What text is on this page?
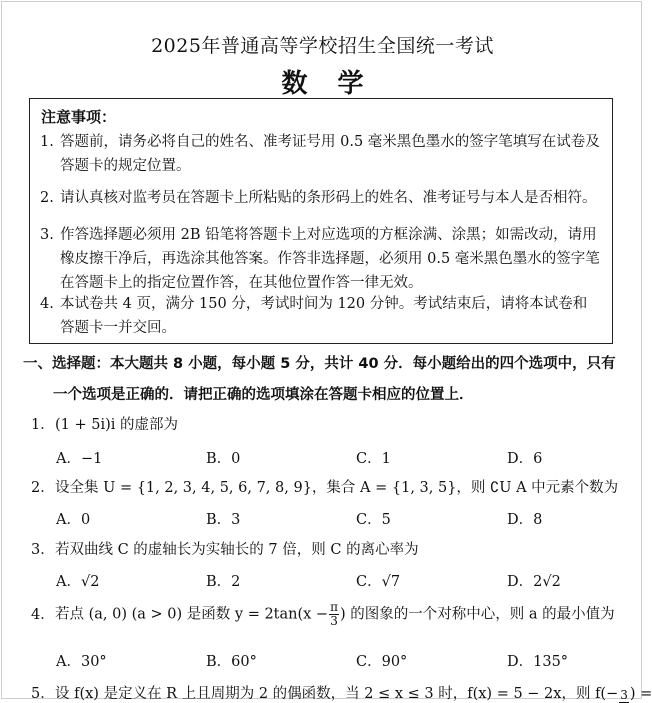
2025年普通高等学校招生全国统一考试
数学
注意事项：
1. 答题前，请务必将自己的姓名、准考证号用 0.5 毫米黑色墨水的签字笔填写在试卷及答题卡的规定位置。
2. 请认真核对监考员在答题卡上所粘贴的条形码上的姓名、准考证号与本人是否相符。
3. 作答选择题必须用 2B 铅笔将答题卡上对应选项的方框涂满、涂黑；如需改动，请用橡皮擦干净后，再选涂其他答案。作答非选择题，必须用 0.5 毫米黑色墨水的签字笔在答题卡上的指定位置作答，在其他位置作答一律无效。
4. 本试卷共 4 页，满分 150 分，考试时间为 120 分钟。考试结束后，请将本试卷和答题卡一并交回。
一、选择题：本大题共 8 小题，每小题 5 分，共计 40 分．每小题给出的四个选项中，只有
一个选项是正确的．请把正确的选项填涂在答题卡相应的位置上．
1．(1 + 5i)i 的虚部为
A．−1	B．0	C．1	D．6
2．设全集 U = {1, 2, 3, 4, 5, 6, 7, 8, 9}，集合 A = {1, 3, 5}，则 ∁U A 中元素个数为
A．0	B．3	C．5	D．8
3．若双曲线 C 的虚轴长为实轴长的 7 倍，则 C 的离心率为
A．√2	B．2	C．√7	D．2√2
4．若点 (a, 0) (a > 0) 是函数 $y = 2\tan(x - \frac{\pi}{3}$ ) 的图象的一个对称中心，则 a 的最小值为
A．30°	B．60°	C．90°	D．135°
5．设 f(x) 是定义在 R 上且周期为 2 的偶函数，当 2 ≤ x ≤ 3 时，f(x) = 5 − 2x，则 f(− 3 ) =
